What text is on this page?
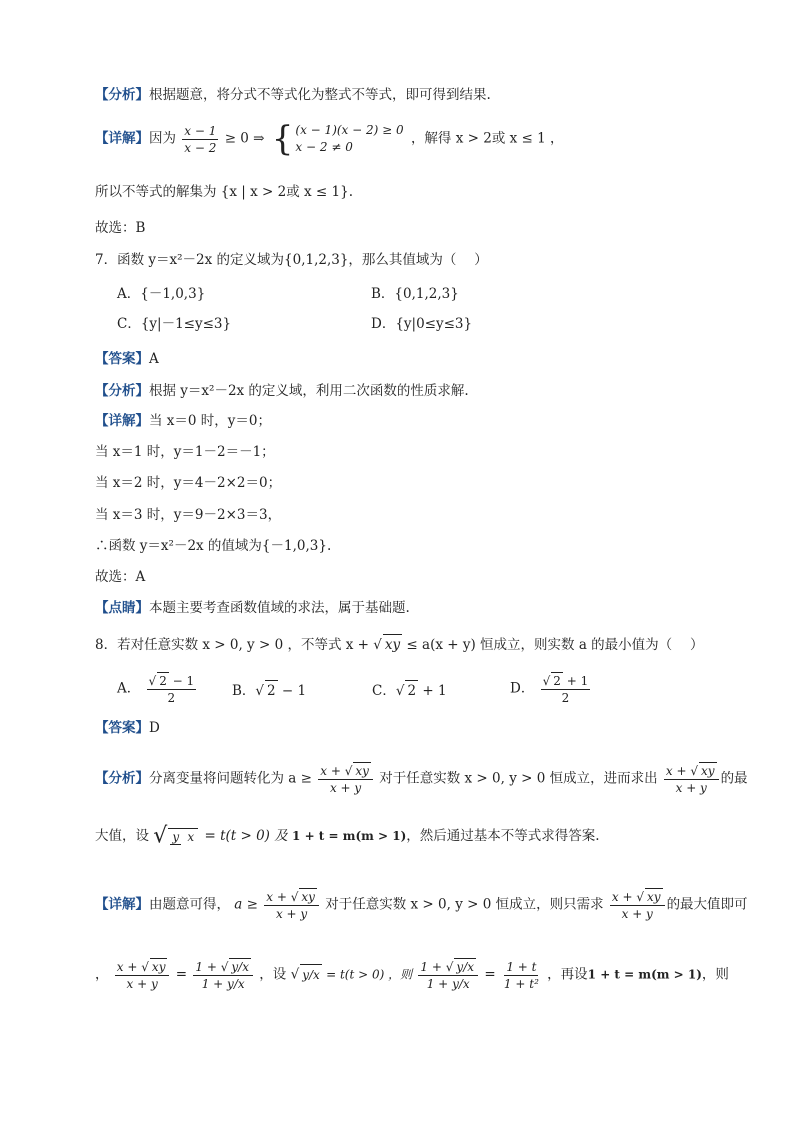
【分析】根据题意，将分式不等式化为整式不等式，即可得到结果.
【详解】因为 $\frac{x - 1}{x - 2} \ge 0$ ⇒ { (x − 1)(x − 2) ≥ 0
x − 2 ≠ 0
，解得 x > 2或 x ≤ 1 ，
所以不等式的解集为 {x | x > 2或 x ≤ 1}.
故选：B
7．函数 y＝x²－2x 的定义域为{0,1,2,3}，那么其值域为（　 ）
A．{－1,0,3}	B．{0,1,2,3}
C．{y|－1≤y≤3}	D．{y|0≤y≤3}
【答案】A
【分析】根据 y＝x²－2x 的定义域，利用二次函数的性质求解.
【详解】当 x＝0 时，y＝0；
当 x＝1 时，y＝1－2＝－1；
当 x＝2 时，y＝4－2×2＝0；
当 x＝3 时，y＝9－2×3＝3，
∴函数 y＝x²－2x 的值域为{－1,0,3}.
故选：A
【点睛】本题主要考查函数值域的求法，属于基础题.
8．若对任意实数 x > 0, y > 0 ，不等式 x + √ xy ≤ a(x + y) 恒成立，则实数 a 的最小值为（　 ）
A． $\frac{√ 2 - 1}{2}$	B．√ 2 − 1	C．√ 2 + 1	D． $\frac{√ 2 + 1}{2}$
【答案】D
【分析】分离变量将问题转化为 $a \ge \frac{x + √ xy}{x + y}$ 对于任意实数 x > 0, y > 0 恒成立，进而求出 $\frac{x + √ xy}{x + y}$ 的最
大值，设 √ y x = t(t > 0) 及 1 + t = m(m > 1)，然后通过基本不等式求得答案.
【详解】由题意可得， $a \ge \frac{x + √ xy}{x + y}$ 对于任意实数 x > 0, y > 0 恒成立，则只需求 $\frac{x + √ xy}{x + y}$ 的最大值即可
， $\frac{x + √ xy}{x + y} = \frac{1 + √ y/x}{1 + y/x}$ ，设 √ y/x = t(t > 0) ，则 $\frac{1 + √ y/x}{1 + y/x} = \frac{1 + t}{\text{1 + t²}}$ ，再设1 + t = m(m > 1)，则
